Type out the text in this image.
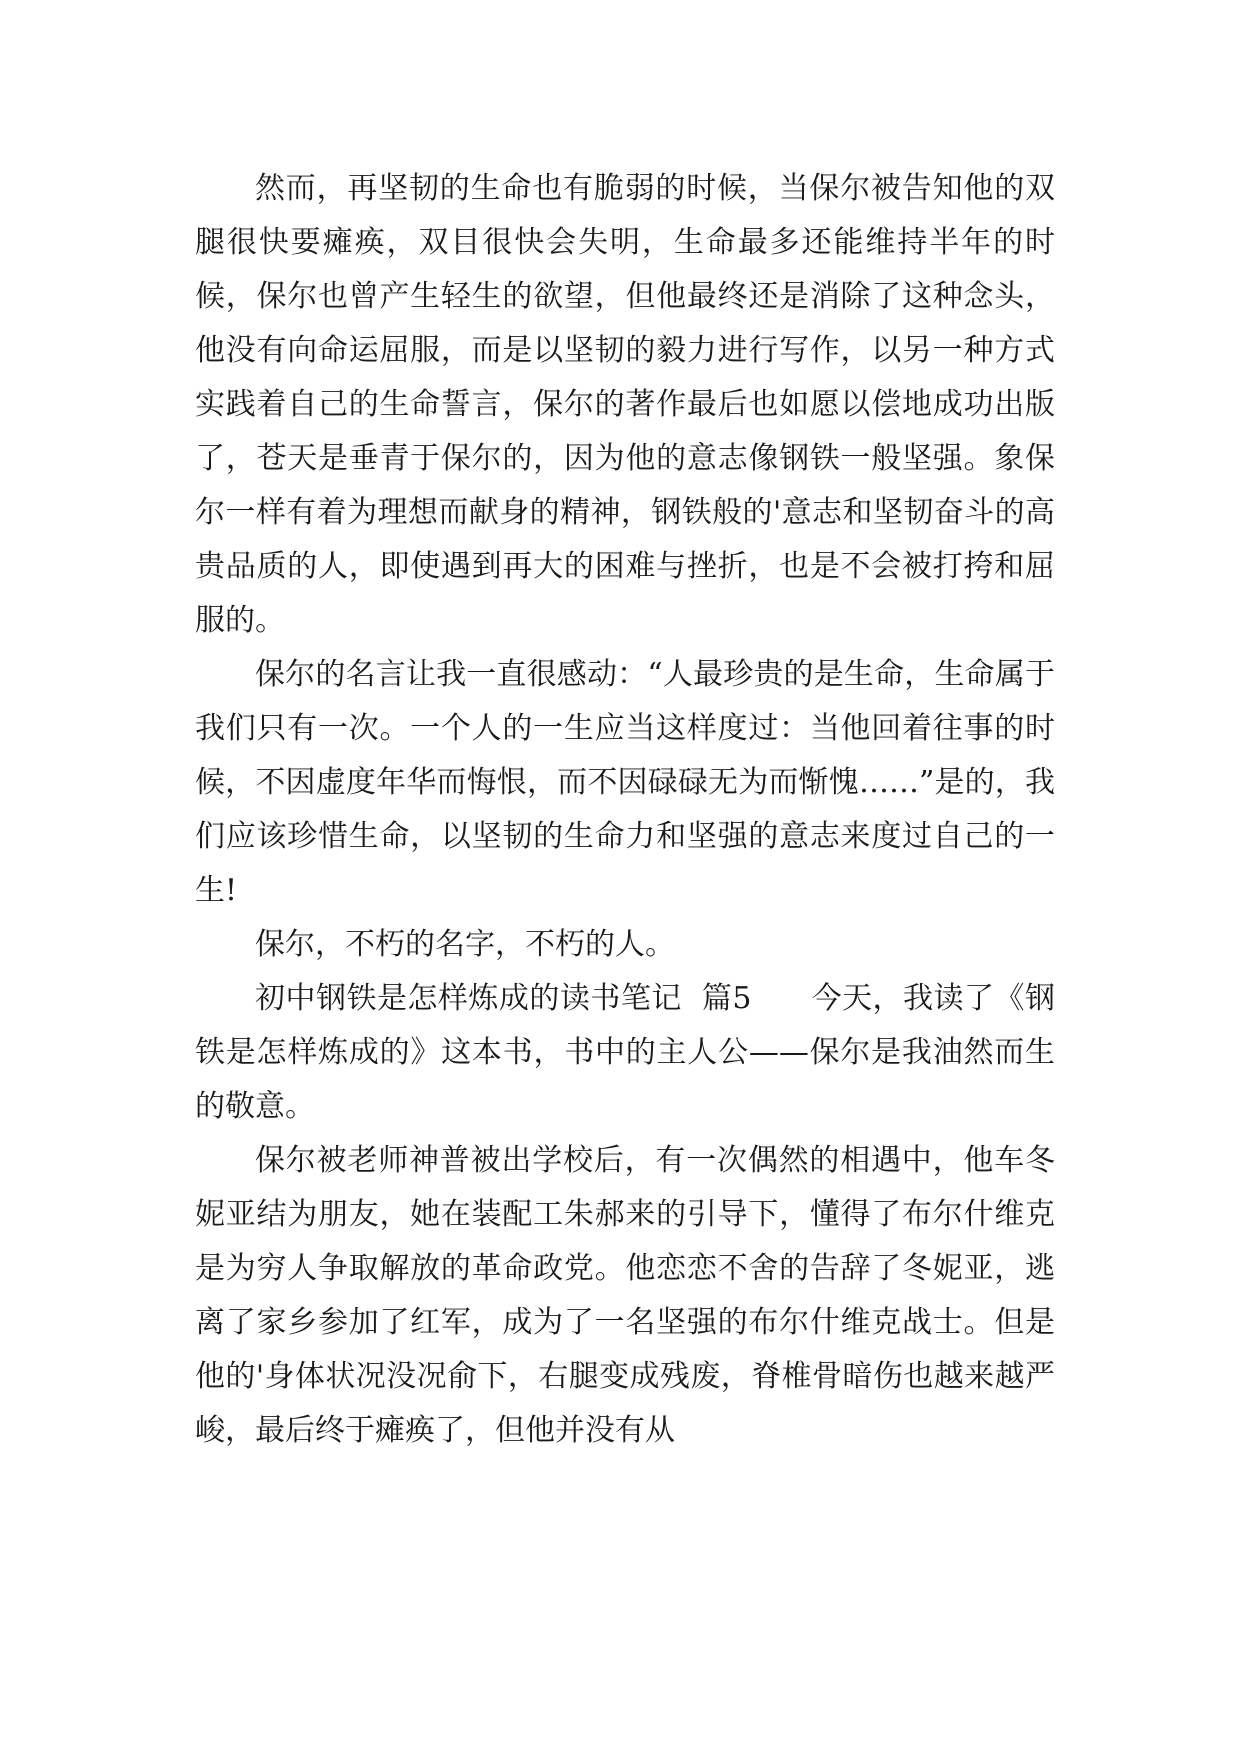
然而，再坚韧的生命也有脆弱的时候，当保尔被告知他的双腿很快要瘫痪，双目很快会失明，生命最多还能维持半年的时候，保尔也曾产生轻生的欲望，但他最终还是消除了这种念头，他没有向命运屈服，而是以坚韧的毅力进行写作，以另一种方式实践着自己的生命誓言，保尔的著作最后也如愿以偿地成功出版了，苍天是垂青于保尔的，因为他的意志像钢铁一般坚强。象保尔一样有着为理想而献身的精神，钢铁般的'意志和坚韧奋斗的高贵品质的人，即使遇到再大的困难与挫折，也是不会被打挎和屈服的。

保尔的名言让我一直很感动：“人最珍贵的是生命，生命属于我们只有一次。一个人的一生应当这样度过：当他回着往事的时候，不因虚度年华而悔恨，而不因碌碌无为而惭愧……”是的，我们应该珍惜生命，以坚韧的生命力和坚强的意志来度过自己的一生!

保尔，不朽的名字，不朽的人。

初中钢铁是怎样炼成的读书笔记  篇5      今天，我读了《钢铁是怎样炼成的》这本书，书中的主人公——保尔是我油然而生的敬意。

保尔被老师神普被出学校后，有一次偶然的相遇中，他车冬妮亚结为朋友，她在装配工朱郝来的引导下，懂得了布尔什维克是为穷人争取解放的革命政党。他恋恋不舍的告辞了冬妮亚，逃离了家乡参加了红军，成为了一名坚强的布尔什维克战士。但是他的'身体状况没况俞下，右腿变成残废，脊椎骨暗伤也越来越严峻，最后终于瘫痪了，但他并没有从
